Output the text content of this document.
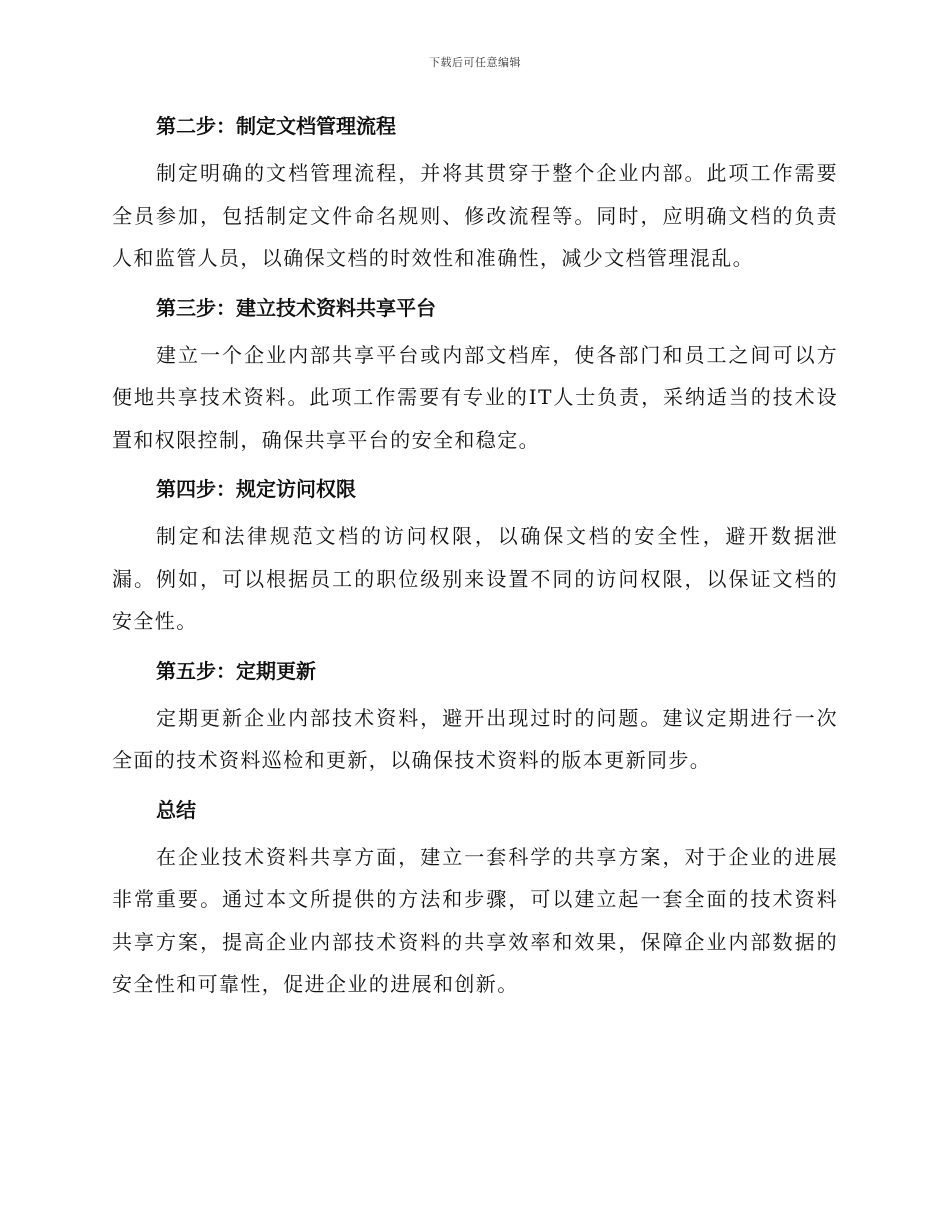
下载后可任意编辑
第二步：制定文档管理流程

制定明确的文档管理流程，并将其贯穿于整个企业内部。此项工作需要全员参加，包括制定文件命名规则、修改流程等。同时，应明确文档的负责人和监管人员，以确保文档的时效性和准确性，减少文档管理混乱。

第三步：建立技术资料共享平台

建立一个企业内部共享平台或内部文档库，使各部门和员工之间可以方便地共享技术资料。此项工作需要有专业的IT人士负责，采纳适当的技术设置和权限控制，确保共享平台的安全和稳定。

第四步：规定访问权限

制定和法律规范文档的访问权限，以确保文档的安全性，避开数据泄漏。例如，可以根据员工的职位级别来设置不同的访问权限，以保证文档的安全性。

第五步：定期更新

定期更新企业内部技术资料，避开出现过时的问题。建议定期进行一次全面的技术资料巡检和更新，以确保技术资料的版本更新同步。

总结

在企业技术资料共享方面，建立一套科学的共享方案，对于企业的进展非常重要。通过本文所提供的方法和步骤，可以建立起一套全面的技术资料共享方案，提高企业内部技术资料的共享效率和效果，保障企业内部数据的安全性和可靠性，促进企业的进展和创新。
